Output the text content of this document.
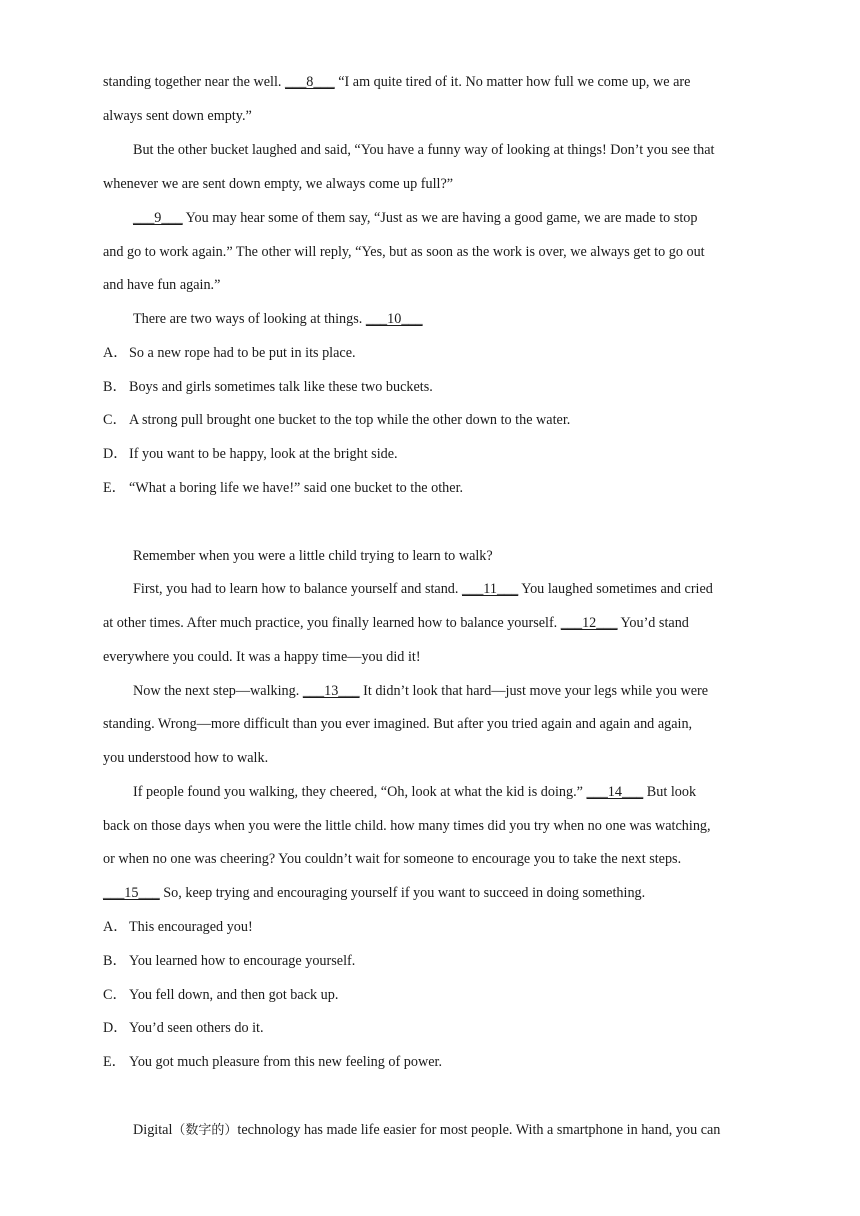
standing together near the well. ___8___ “I am quite tired of it. No matter how full we come up, we are
always sent down empty.”
But the other bucket laughed and said, “You have a funny way of looking at things! Don’t you see that
whenever we are sent down empty, we always come up full?”
___9___ You may hear some of them say, “Just as we are having a good game, we are made to stop
and go to work again.” The other will reply, “Yes, but as soon as the work is over, we always get to go out
and have fun again.”
There are two ways of looking at things. ___10___
A． So a new rope had to be put in its place.
B． Boys and girls sometimes talk like these two buckets.
C． A strong pull brought one bucket to the top while the other down to the water.
D． If you want to be happy, look at the bright side.
E． “What a boring life we have!” said one bucket to the other.
Remember when you were a little child trying to learn to walk?
First, you had to learn how to balance yourself and stand. ___11___ You laughed sometimes and cried
at other times. After much practice, you finally learned how to balance yourself. ___12___ You’d stand
everywhere you could. It was a happy time—you did it!
Now the next step—walking. ___13___ It didn’t look that hard—just move your legs while you were
standing. Wrong—more difficult than you ever imagined. But after you tried again and again and again,
you understood how to walk.
If people found you walking, they cheered, “Oh, look at what the kid is doing.” ___14___ But look
back on those days when you were the little child. how many times did you try when no one was watching,
or when no one was cheering? You couldn’t wait for someone to encourage you to take the next steps.
___15___ So, keep trying and encouraging yourself if you want to succeed in doing something.
A． This encouraged you!
B． You learned how to encourage yourself.
C． You fell down, and then got back up.
D． You’d seen others do it.
E． You got much pleasure from this new feeling of power.
Digital（数字的）technology has made life easier for most people. With a smartphone in hand, you can
